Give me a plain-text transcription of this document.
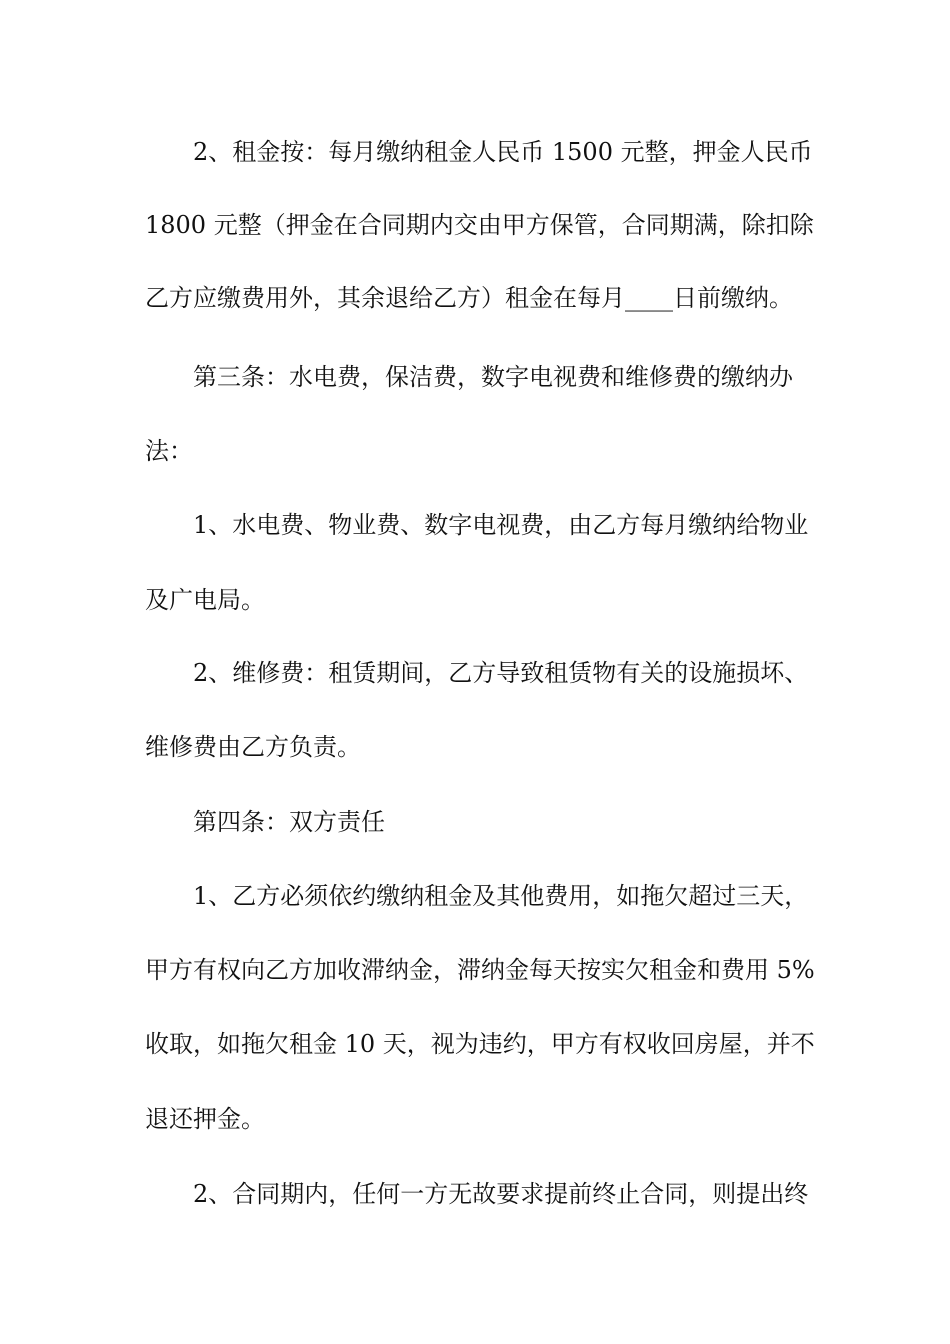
2、租金按：每月缴纳租金人民币 1500 元整，押金人民币
1800 元整（押金在合同期内交由甲方保管，合同期满，除扣除
乙方应缴费用外，其余退给乙方）租金在每月____日前缴纳。
第三条：水电费，保洁费，数字电视费和维修费的缴纳办
法：
1、水电费、物业费、数字电视费，由乙方每月缴纳给物业
及广电局。
2、维修费：租赁期间，乙方导致租赁物有关的设施损坏、
维修费由乙方负责。
第四条：双方责任
1、乙方必须依约缴纳租金及其他费用，如拖欠超过三天，
甲方有权向乙方加收滞纳金，滞纳金每天按实欠租金和费用 5%
收取，如拖欠租金 10 天，视为违约，甲方有权收回房屋，并不
退还押金。
2、合同期内，任何一方无故要求提前终止合同，则提出终
